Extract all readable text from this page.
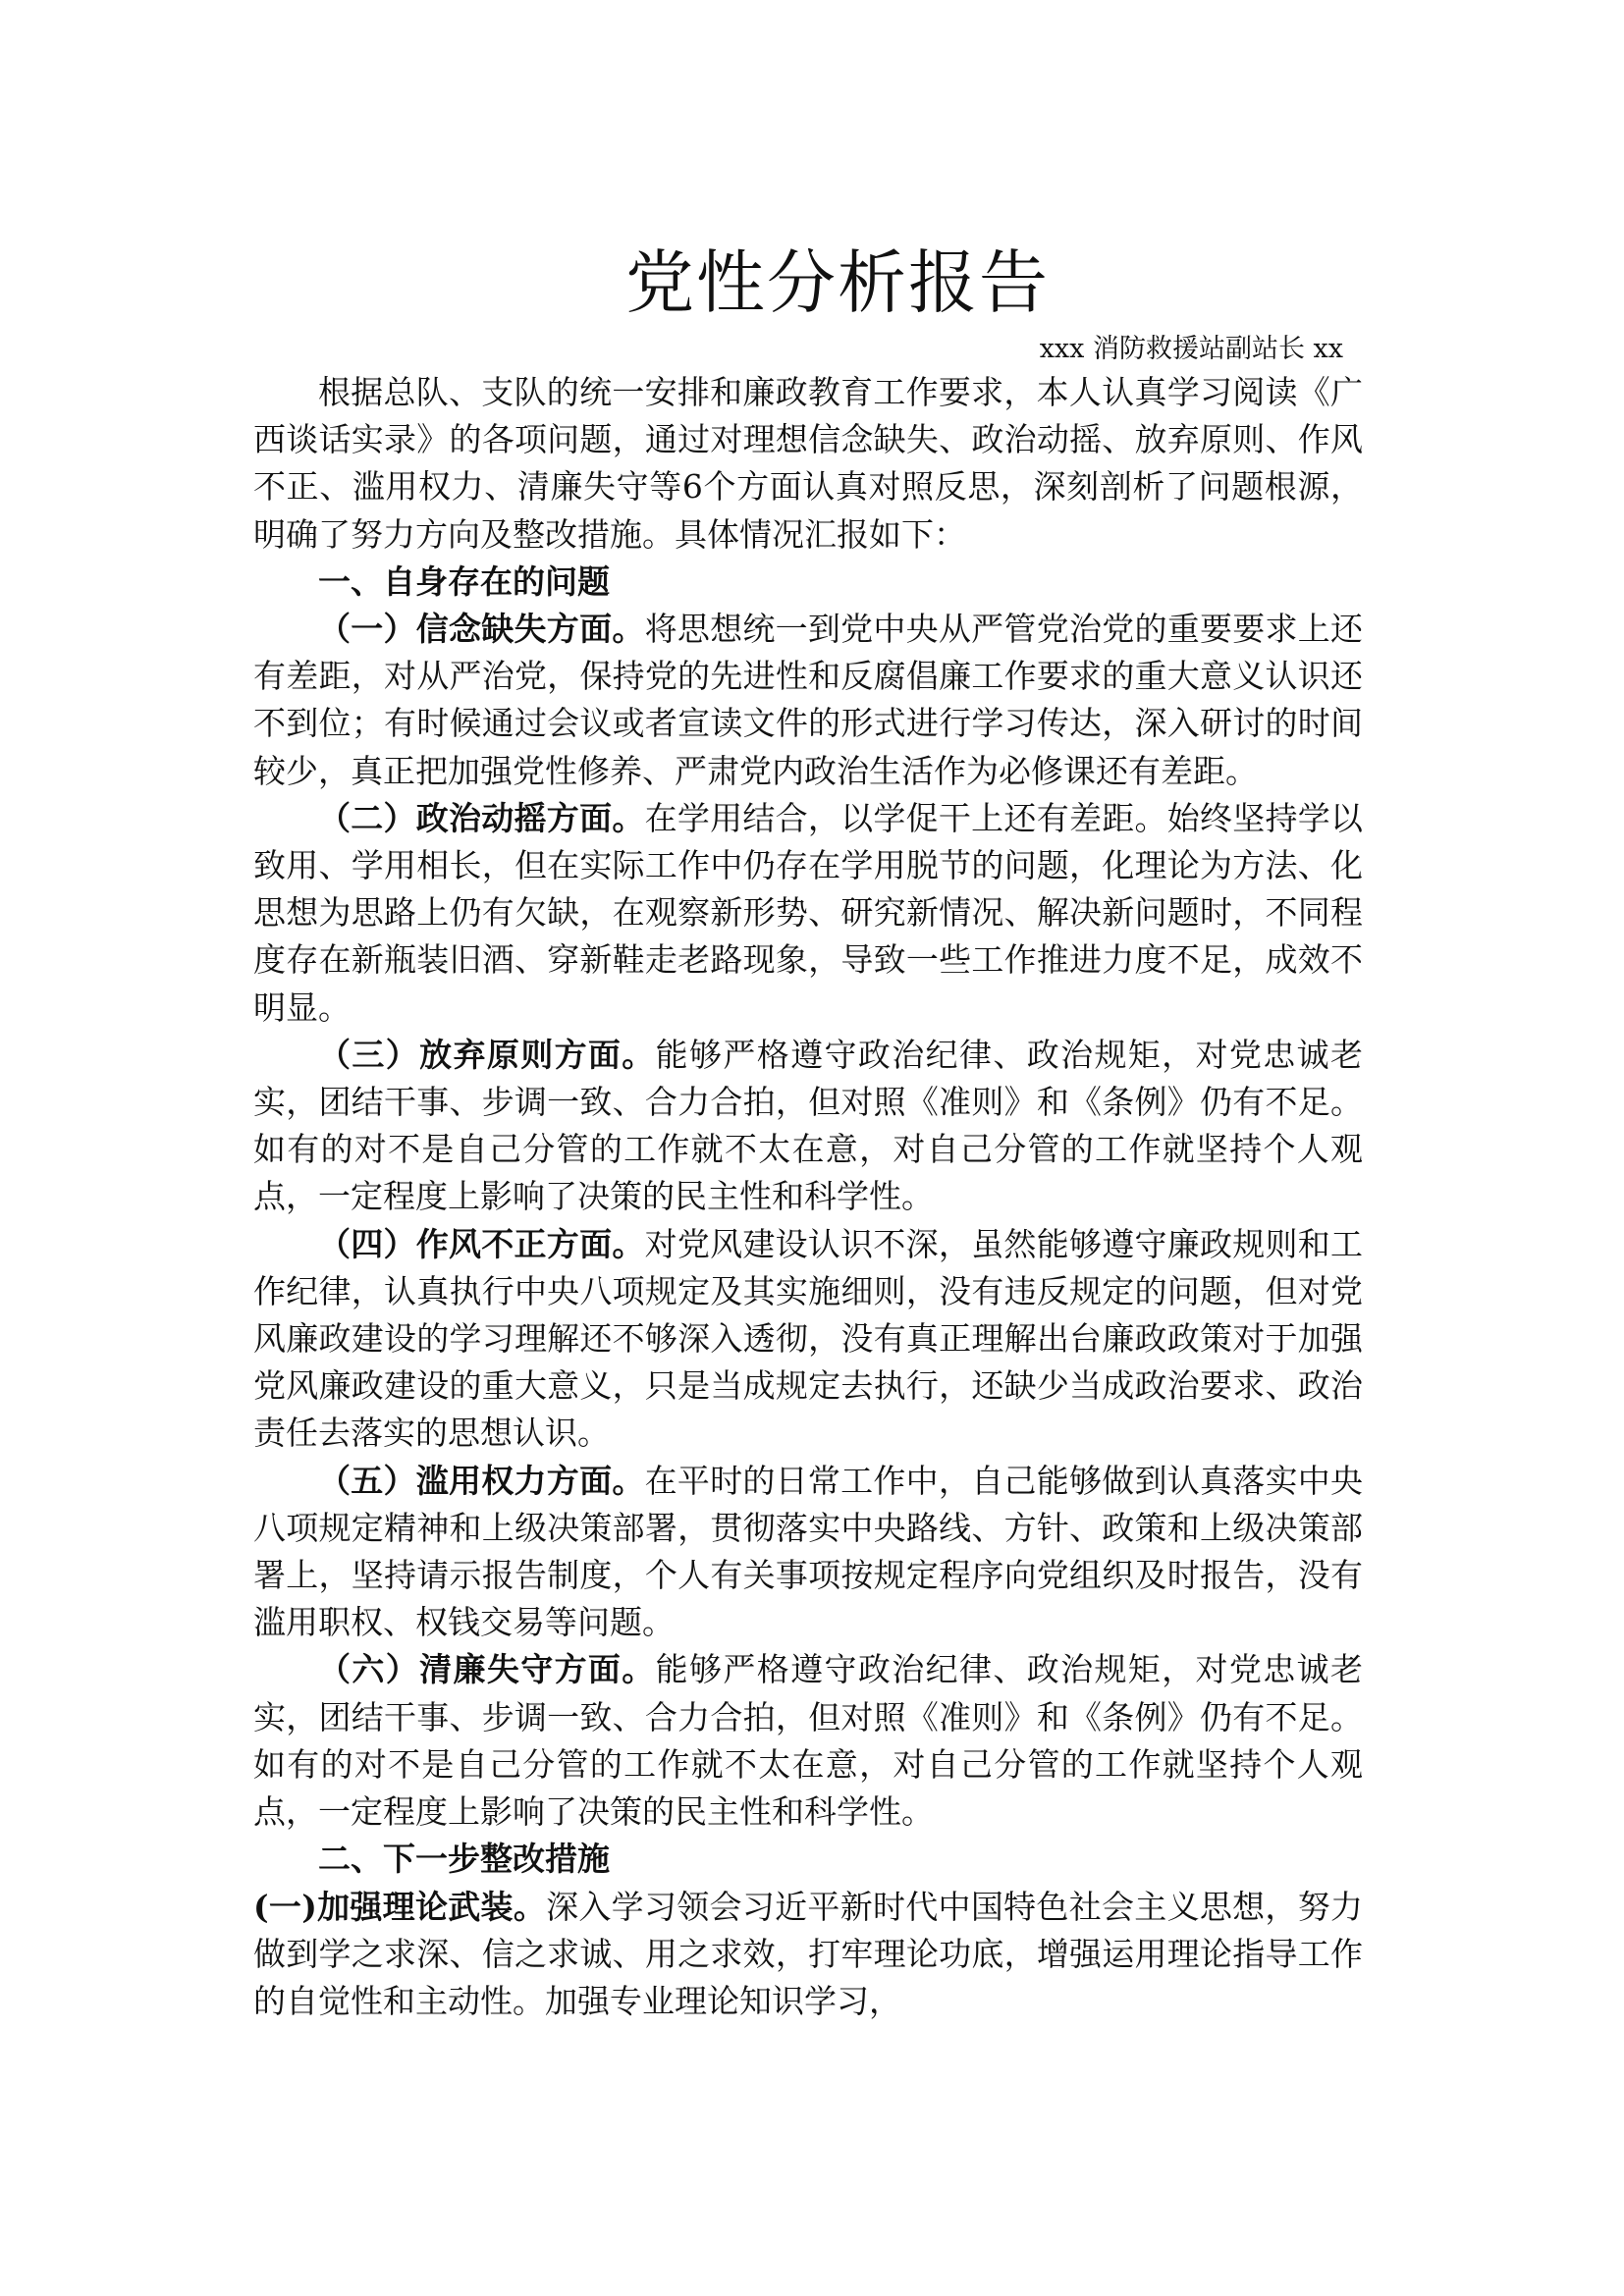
党性分析报告
xxx 消防救援站副站长 xx

根据总队、支队的统一安排和廉政教育工作要求，本人认真学习阅读《广西谈话实录》的各项问题，通过对理想信念缺失、政治动摇、放弃原则、作风不正、滥用权力、清廉失守等6个方面认真对照反思，深刻剖析了问题根源，明确了努力方向及整改措施。具体情况汇报如下：

一、自身存在的问题

（一）信念缺失方面。将思想统一到党中央从严管党治党的重要要求上还有差距，对从严治党，保持党的先进性和反腐倡廉工作要求的重大意义认识还不到位；有时候通过会议或者宣读文件的形式进行学习传达，深入研讨的时间较少，真正把加强党性修养、严肃党内政治生活作为必修课还有差距。

（二）政治动摇方面。在学用结合，以学促干上还有差距。始终坚持学以致用、学用相长，但在实际工作中仍存在学用脱节的问题，化理论为方法、化思想为思路上仍有欠缺，在观察新形势、研究新情况、解决新问题时，不同程度存在新瓶装旧酒、穿新鞋走老路现象，导致一些工作推进力度不足，成效不明显。

（三）放弃原则方面。能够严格遵守政治纪律、政治规矩，对党忠诚老实，团结干事、步调一致、合力合拍，但对照《准则》和《条例》仍有不足。如有的对不是自己分管的工作就不太在意，对自己分管的工作就坚持个人观点，一定程度上影响了决策的民主性和科学性。

（四）作风不正方面。对党风建设认识不深，虽然能够遵守廉政规则和工作纪律，认真执行中央八项规定及其实施细则，没有违反规定的问题，但对党风廉政建设的学习理解还不够深入透彻，没有真正理解出台廉政政策对于加强党风廉政建设的重大意义，只是当成规定去执行，还缺少当成政治要求、政治责任去落实的思想认识。

（五）滥用权力方面。在平时的日常工作中，自己能够做到认真落实中央八项规定精神和上级决策部署，贯彻落实中央路线、方针、政策和上级决策部署上，坚持请示报告制度，个人有关事项按规定程序向党组织及时报告，没有滥用职权、权钱交易等问题。

（六）清廉失守方面。能够严格遵守政治纪律、政治规矩，对党忠诚老实，团结干事、步调一致、合力合拍，但对照《准则》和《条例》仍有不足。如有的对不是自己分管的工作就不太在意，对自己分管的工作就坚持个人观点，一定程度上影响了决策的民主性和科学性。

二、下一步整改措施

(一)加强理论武装。深入学习领会习近平新时代中国特色社会主义思想，努力做到学之求深、信之求诚、用之求效，打牢理论功底，增强运用理论指导工作的自觉性和主动性。加强专业理论知识学习，
